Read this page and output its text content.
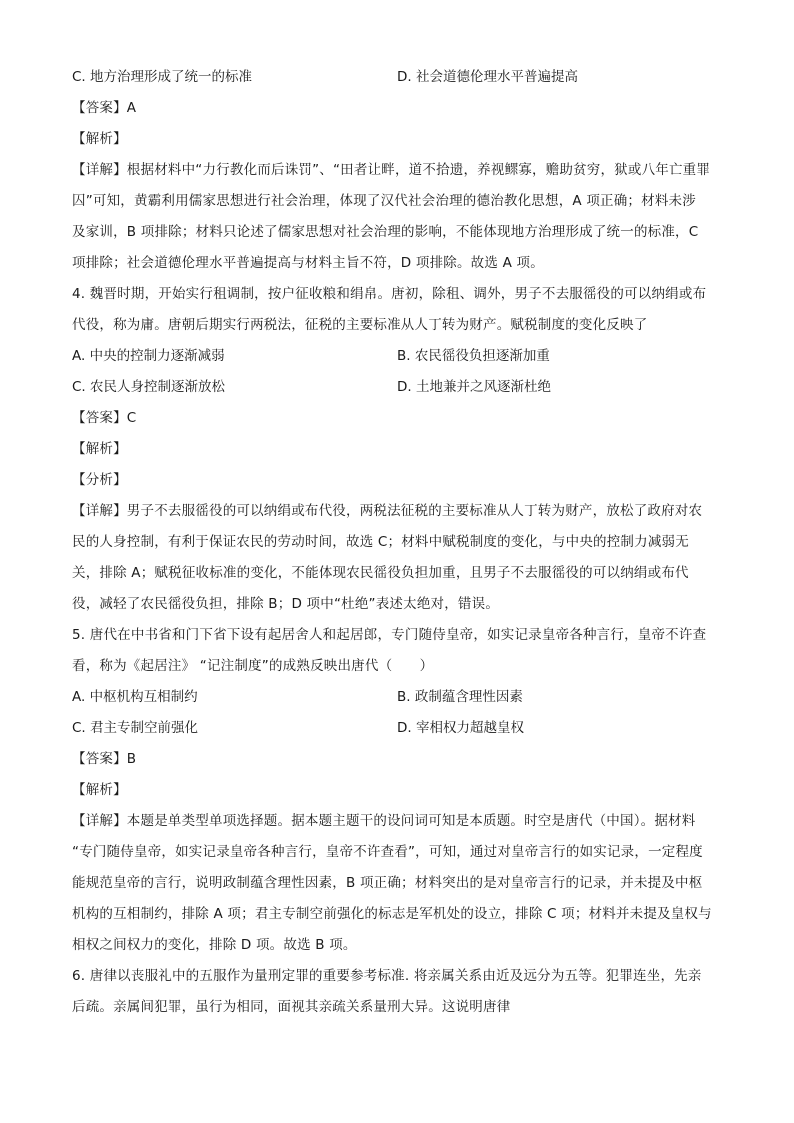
C. 地方治理形成了统一的标准	D. 社会道德伦理水平普遍提高
【答案】A
【解析】
【详解】根据材料中“力行教化而后诛罚”、“田者让畔，道不拾遗，养视鳏寡，赡助贫穷，狱或八年亡重罪
囚”可知，黄霸利用儒家思想进行社会治理，体现了汉代社会治理的德治教化思想，A 项正确；材料未涉
及家训，B 项排除；材料只论述了儒家思想对社会治理的影响，不能体现地方治理形成了统一的标准，C
项排除；社会道德伦理水平普遍提高与材料主旨不符，D 项排除。故选 A 项。
4. 魏晋时期，开始实行租调制，按户征收粮和绢帛。唐初，除租、调外，男子不去服徭役的可以纳绢或布
代役，称为庸。唐朝后期实行两税法，征税的主要标准从人丁转为财产。赋税制度的变化反映了
A. 中央的控制力逐渐减弱	B. 农民徭役负担逐渐加重
C. 农民人身控制逐渐放松	D. 土地兼并之风逐渐杜绝
【答案】C
【解析】
【分析】
【详解】男子不去服徭役的可以纳绢或布代役，两税法征税的主要标准从人丁转为财产，放松了政府对农
民的人身控制，有利于保证农民的劳动时间，故选 C；材料中赋税制度的变化，与中央的控制力减弱无
关，排除 A；赋税征收标准的变化，不能体现农民徭役负担加重，且男子不去服徭役的可以纳绢或布代
役，减轻了农民徭役负担，排除 B；D 项中“杜绝”表述太绝对，错误。
5. 唐代在中书省和门下省下设有起居舍人和起居郎，专门随侍皇帝，如实记录皇帝各种言行，皇帝不许查
看，称为《起居注》 “记注制度”的成熟反映出唐代（　　）
A. 中枢机构互相制约	B. 政制蕴含理性因素
C. 君主专制空前强化	D. 宰相权力超越皇权
【答案】B
【解析】
【详解】本题是单类型单项选择题。据本题主题干的设问词可知是本质题。时空是唐代（中国）。据材料
“专门随侍皇帝，如实记录皇帝各种言行，皇帝不许查看”，可知，通过对皇帝言行的如实记录，一定程度
能规范皇帝的言行，说明政制蕴含理性因素，B 项正确；材料突出的是对皇帝言行的记录，并未提及中枢
机构的互相制约，排除 A 项；君主专制空前强化的标志是军机处的设立，排除 C 项；材料并未提及皇权与
相权之间权力的变化，排除 D 项。故选 B 项。
6. 唐律以丧服礼中的五服作为量刑定罪的重要参考标准. 将亲属关系由近及远分为五等。犯罪连坐，先亲
后疏。亲属间犯罪，虽行为相同，面视其亲疏关系量刑大异。这说明唐律
